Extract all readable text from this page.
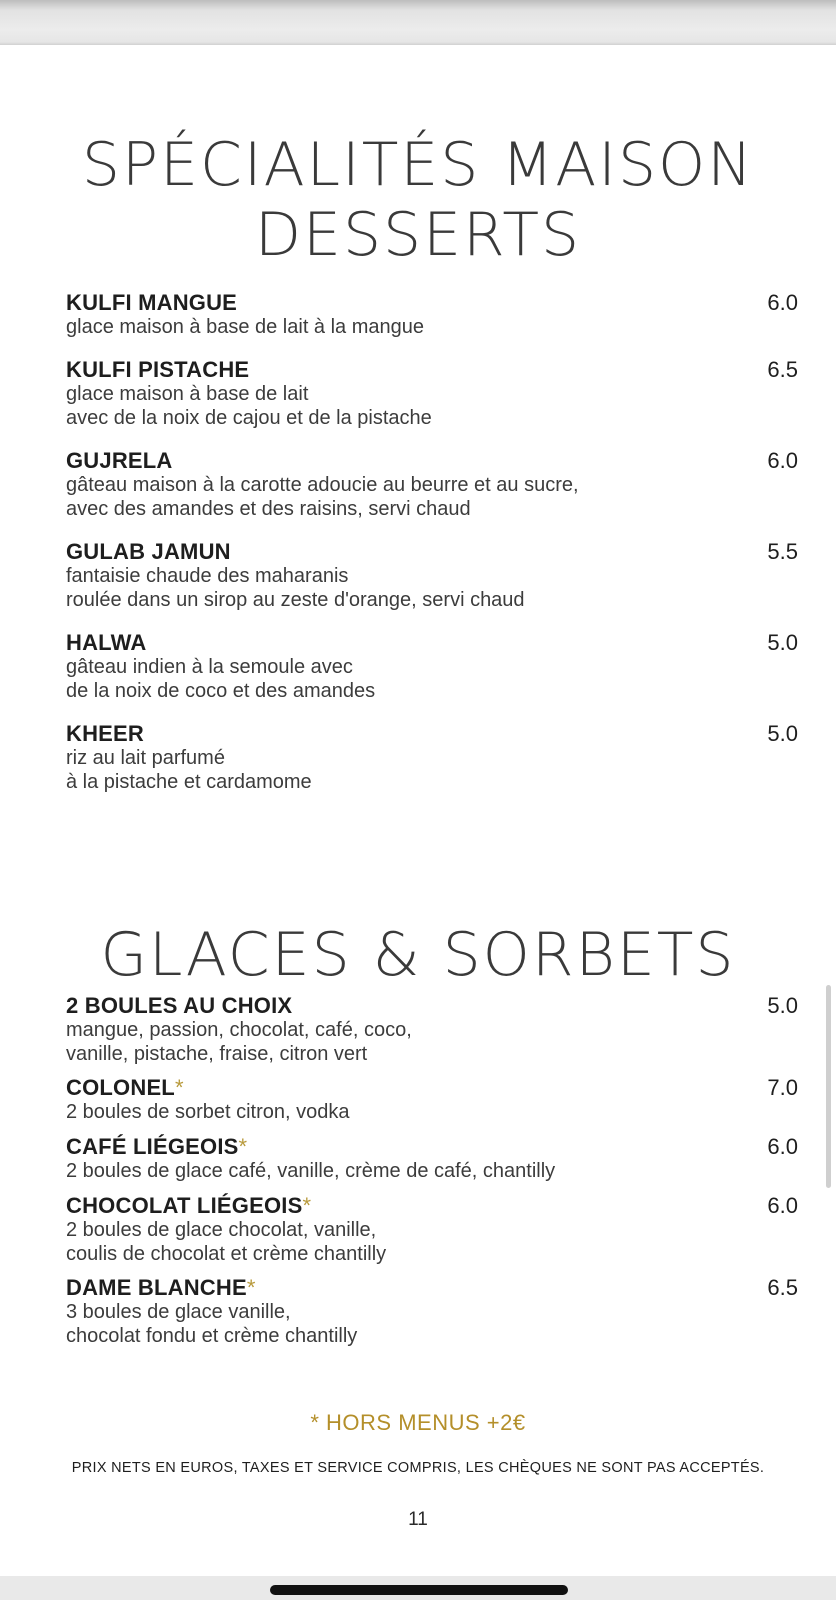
SPÉCIALITÉS MAISON
DESSERTS
KULFI MANGUE	6.0
glace maison à base de lait à la mangue
KULFI PISTACHE	6.5
glace maison à base de lait
avec de la noix de cajou et de la pistache
GUJRELA	6.0
gâteau maison à la carotte adoucie au beurre et au sucre,
avec des amandes et des raisins, servi chaud
GULAB JAMUN	5.5
fantaisie chaude des maharanis
roulée dans un sirop au zeste d'orange, servi chaud
HALWA	5.0
gâteau indien à la semoule avec
de la noix de coco et des amandes
KHEER	5.0
riz au lait parfumé
à la pistache et cardamome
GLACES & SORBETS
2 BOULES AU CHOIX	5.0
mangue, passion, chocolat, café, coco,
vanille, pistache, fraise, citron vert
COLONEL*	7.0
2 boules de sorbet citron, vodka
CAFÉ LIÉGEOIS*	6.0
2 boules de glace café, vanille, crème de café, chantilly
CHOCOLAT LIÉGEOIS*	6.0
2 boules de glace chocolat, vanille,
coulis de chocolat et crème chantilly
DAME BLANCHE*	6.5
3 boules de glace vanille,
chocolat fondu et crème chantilly
* HORS MENUS +2€
PRIX NETS EN EUROS, TAXES ET SERVICE COMPRIS, LES CHÈQUES NE SONT PAS ACCEPTÉS.
11
